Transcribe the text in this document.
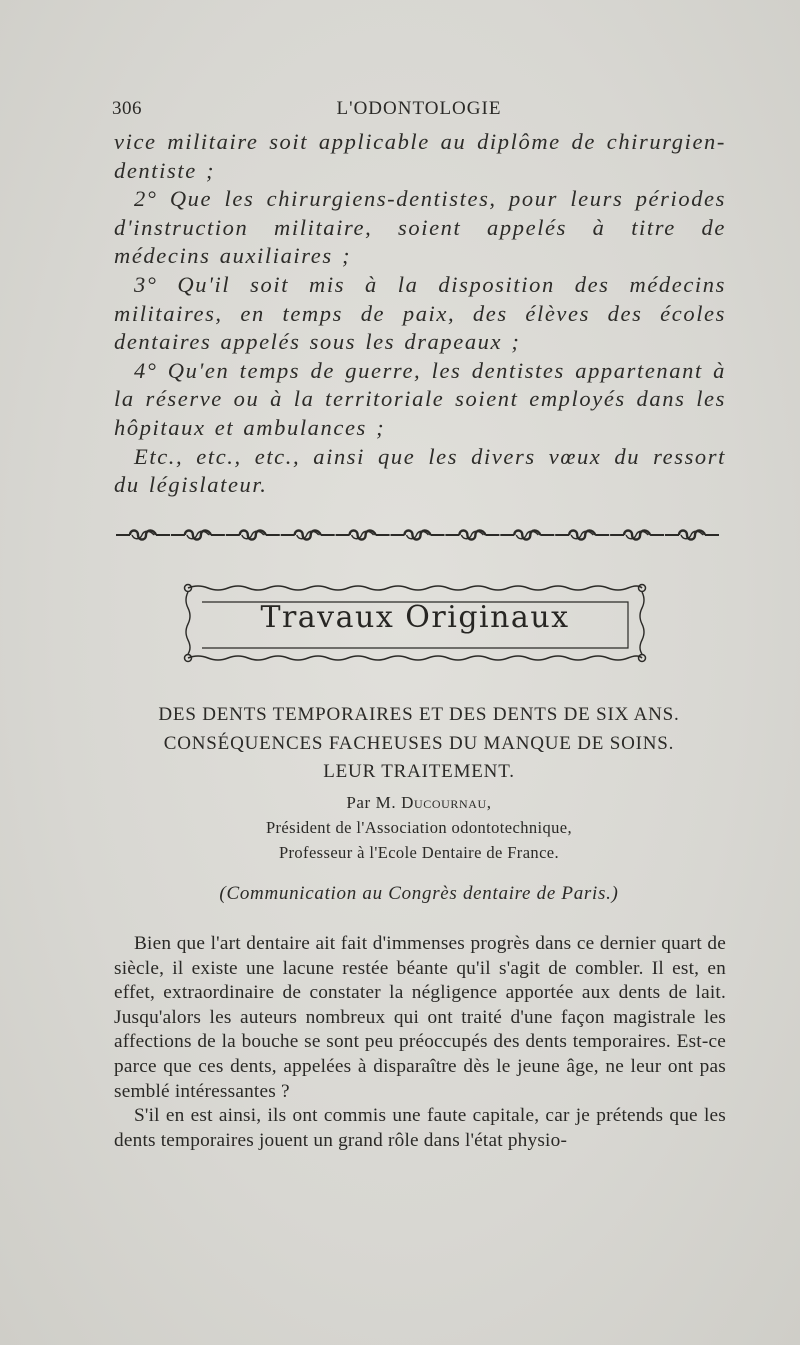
306	L'ODONTOLOGIE

vice militaire soit applicable au diplôme de chirurgien-dentiste ;

2° Que les chirurgiens-dentistes, pour leurs périodes d'instruction militaire, soient appelés à titre de médecins auxiliaires ;

3° Qu'il soit mis à la disposition des médecins militaires, en temps de paix, des élèves des écoles dentaires appelés sous les drapeaux ;

4° Qu'en temps de guerre, les dentistes appartenant à la réserve ou à la territoriale soient employés dans les hôpitaux et ambulances ;

Etc., etc., etc., ainsi que les divers vœux du ressort du législateur.

Travaux Originaux
DES DENTS TEMPORAIRES ET DES DENTS DE SIX ANS.
CONSÉQUENCES FACHEUSES DU MANQUE DE SOINS.
LEUR TRAITEMENT.
Par M. Ducournau,
Président de l'Association odontotechnique,
Professeur à l'Ecole Dentaire de France.
(Communication au Congrès dentaire de Paris.)

Bien que l'art dentaire ait fait d'immenses progrès dans ce dernier quart de siècle, il existe une lacune restée béante qu'il s'agit de combler. Il est, en effet, extraordinaire de constater la négligence apportée aux dents de lait. Jusqu'alors les auteurs nombreux qui ont traité d'une façon magistrale les affections de la bouche se sont peu préoccupés des dents temporaires. Est-ce parce que ces dents, appelées à disparaître dès le jeune âge, ne leur ont pas semblé intéressantes ?

S'il en est ainsi, ils ont commis une faute capitale, car je prétends que les dents temporaires jouent un grand rôle dans l'état physio-
